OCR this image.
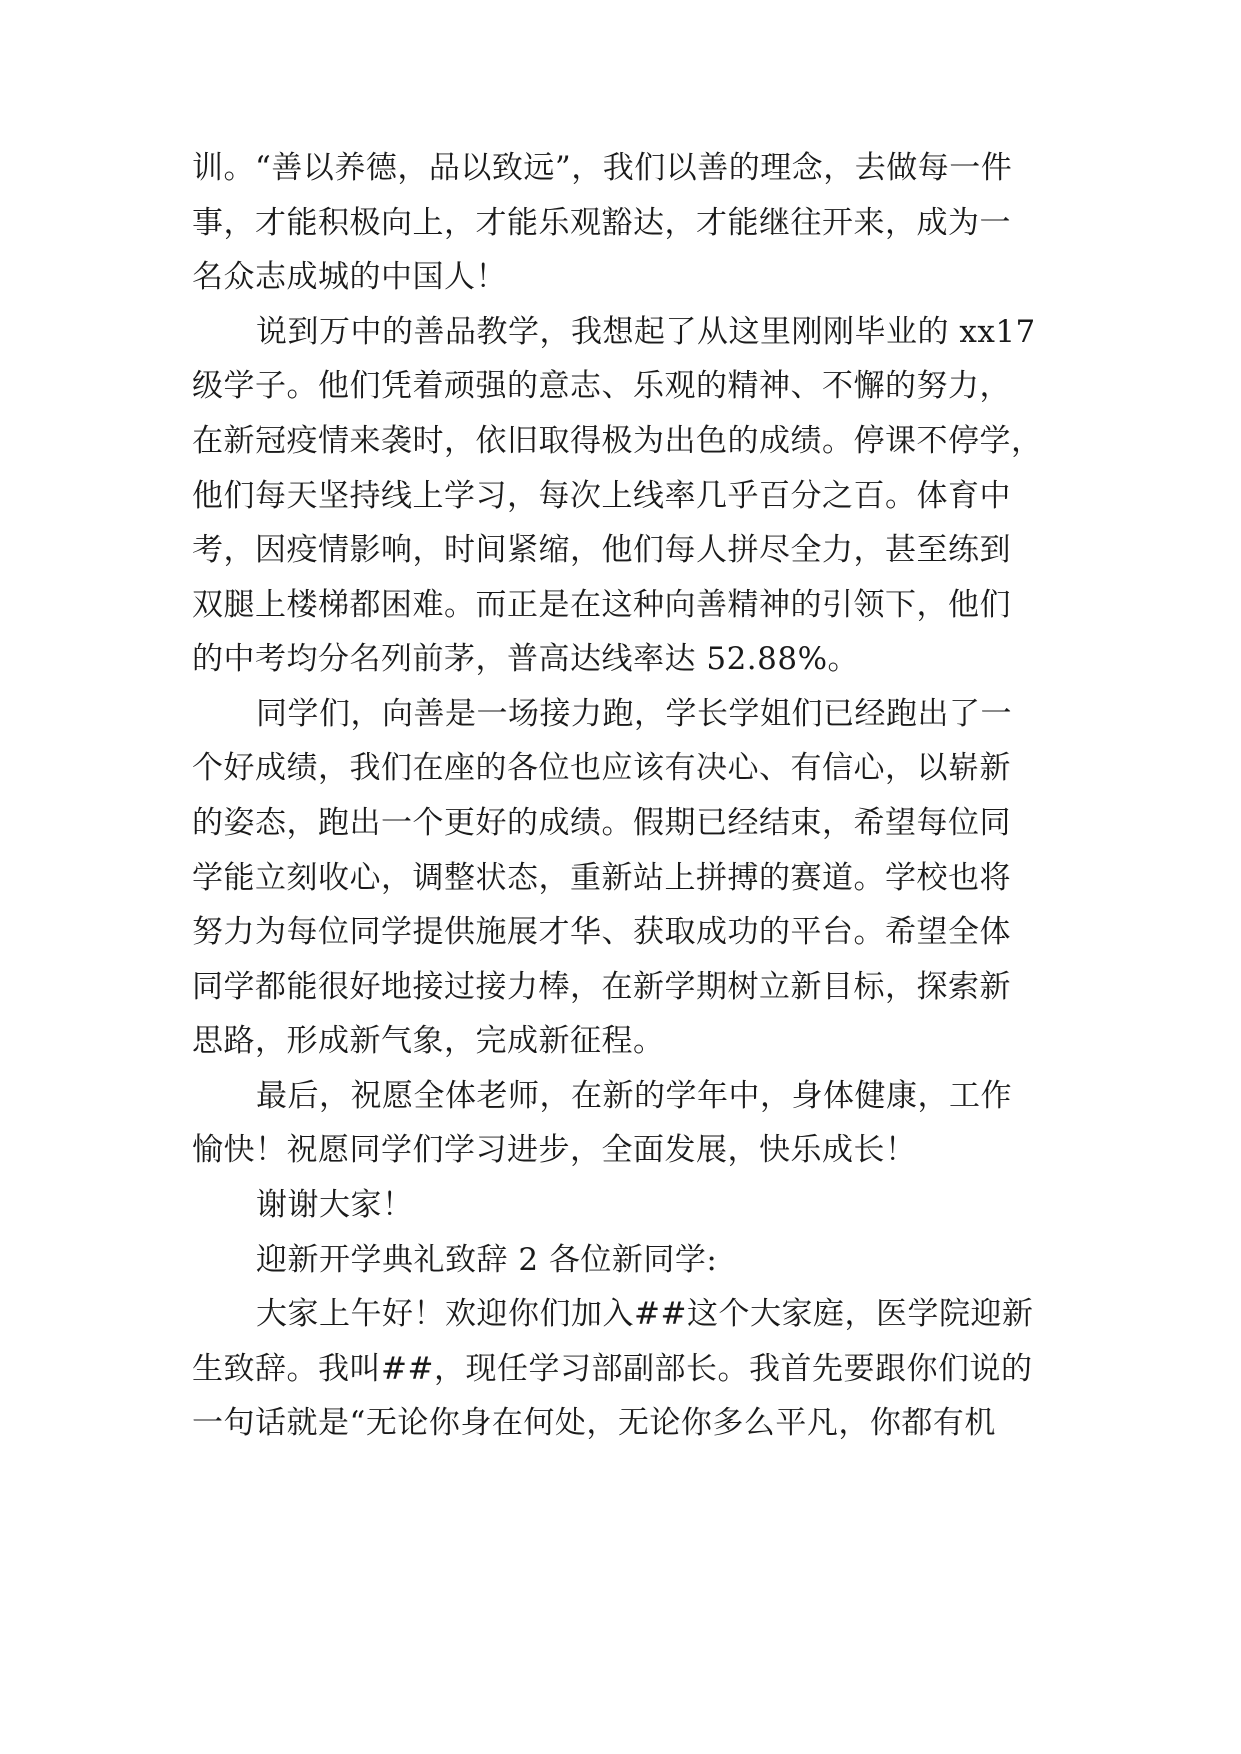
训。“善以养德，品以致远”，我们以善的理念，去做每一件
事，才能积极向上，才能乐观豁达，才能继往开来，成为一
名众志成城的中国人！
说到万中的善品教学，我想起了从这里刚刚毕业的 xx17
级学子。他们凭着顽强的意志、乐观的精神、不懈的努力，
在新冠疫情来袭时，依旧取得极为出色的成绩。停课不停学，
他们每天坚持线上学习，每次上线率几乎百分之百。体育中
考，因疫情影响，时间紧缩，他们每人拼尽全力，甚至练到
双腿上楼梯都困难。而正是在这种向善精神的引领下，他们
的中考均分名列前茅，普高达线率达 52.88%。
同学们，向善是一场接力跑，学长学姐们已经跑出了一
个好成绩，我们在座的各位也应该有决心、有信心，以崭新
的姿态，跑出一个更好的成绩。假期已经结束，希望每位同
学能立刻收心，调整状态，重新站上拼搏的赛道。学校也将
努力为每位同学提供施展才华、获取成功的平台。希望全体
同学都能很好地接过接力棒，在新学期树立新目标，探索新
思路，形成新气象，完成新征程。
最后，祝愿全体老师，在新的学年中，身体健康，工作
愉快！祝愿同学们学习进步，全面发展，快乐成长！
谢谢大家！
迎新开学典礼致辞 2 各位新同学:
大家上午好！欢迎你们加入##这个大家庭，医学院迎新
生致辞。我叫##，现任学习部副部长。我首先要跟你们说的
一句话就是“无论你身在何处，无论你多么平凡，你都有机
